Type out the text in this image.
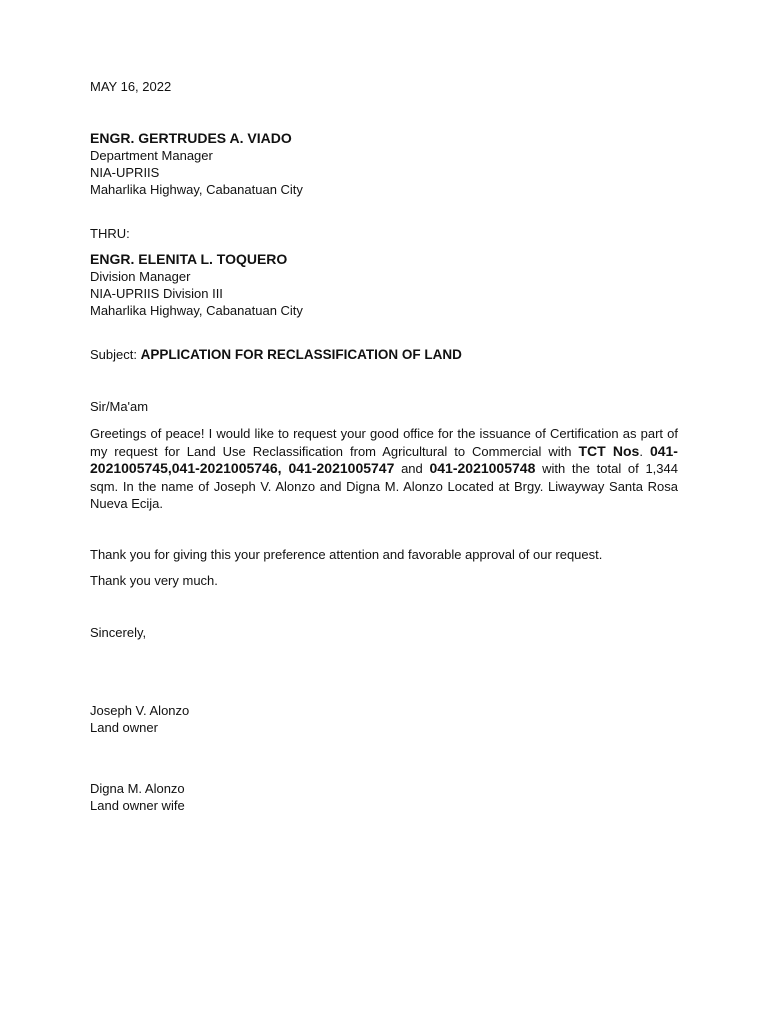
MAY 16, 2022
ENGR. GERTRUDES A. VIADO
Department Manager
NIA-UPRIIS
Maharlika Highway, Cabanatuan City
THRU:
ENGR. ELENITA L. TOQUERO
Division Manager
NIA-UPRIIS Division III
Maharlika Highway, Cabanatuan City
Subject: APPLICATION FOR RECLASSIFICATION OF LAND
Sir/Ma'am
Greetings of peace! I would like to request your good office for the issuance of Certification as part of my request for Land Use Reclassification from Agricultural to Commercial with TCT Nos. 041-2021005745,041-2021005746, 041-2021005747 and 041-2021005748 with the total of 1,344 sqm. In the name of Joseph V. Alonzo and Digna M. Alonzo Located at Brgy. Liwayway Santa Rosa Nueva Ecija.
Thank you for giving this your preference attention and favorable approval of our request.
Thank you very much.
Sincerely,
Joseph V. Alonzo
Land owner
Digna M. Alonzo
Land owner wife
